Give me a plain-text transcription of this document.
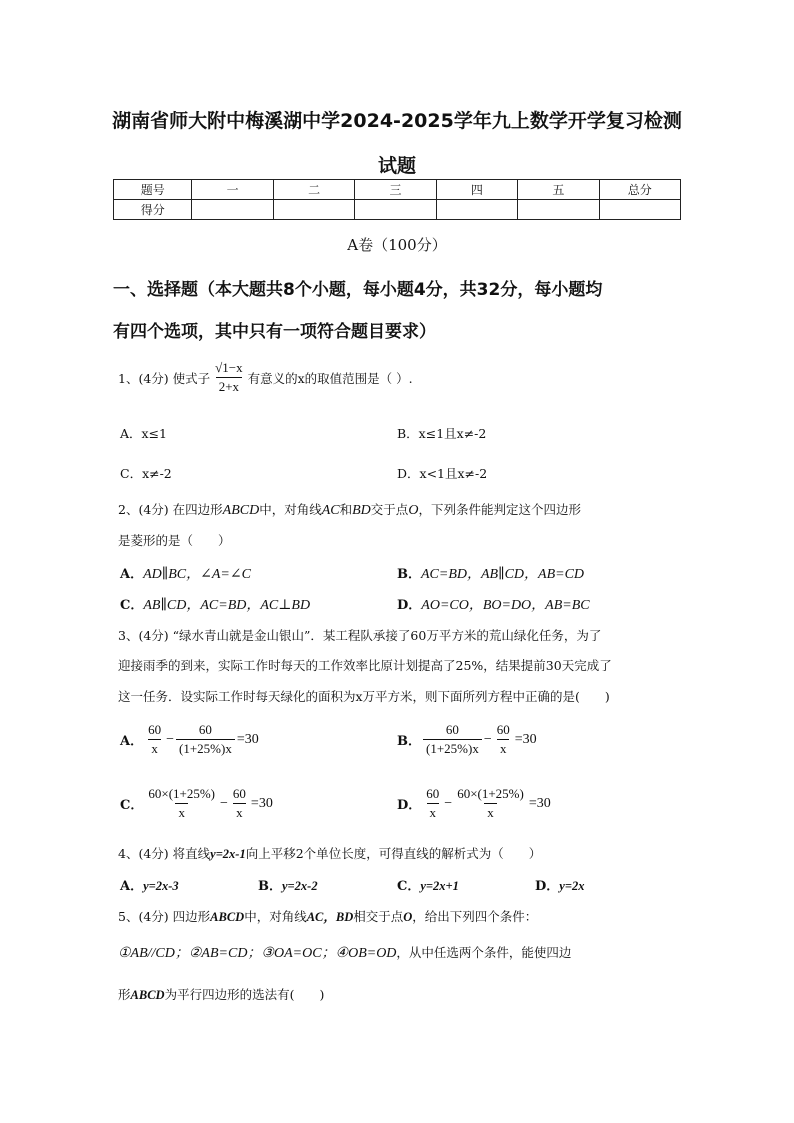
湖南省师大附中梅溪湖中学2024-2025学年九上数学开学复习检测
试题
题号	一	二	三	四	五	总分
得分						
A卷（100分）
一、选择题（本大题共8个小题，每小题4分，共32分，每小题均
有四个选项，其中只有一项符合题目要求）
1、(4分) 使式子 $\frac{√1-x}{2+x}$ 有意义的x的取值范围是（ ）.
A．x≤1	B．x≤1且x≠-2
C．x≠-2	D．x<1且x≠-2
2、(4分) 在四边形ABCD中，对角线AC和BD交于点O，下列条件能判定这个四边形
是菱形的是（　　）
A．AD∥BC，∠A=∠C	B．AC=BD，AB∥CD，AB=CD
C．AB∥CD，AC=BD，AC⊥BD	D．AO=CO，BO=DO，AB=BC
3、(4分) “绿水青山就是金山银山”．某工程队承接了60万平方米的荒山绿化任务，为了
迎接雨季的到来，实际工作时每天的工作效率比原计划提高了25%，结果提前30天完成了
这一任务．设实际工作时每天绿化的面积为x万平方米，则下面所列方程中正确的是(　　)
A． $\frac{60}{x} - \frac{60}{(1+25\%)x} =30$	B． $\frac{60}{(1+25\%)x} - \frac{60}{x} =30$
C． $\frac{60\times(1+25\%)}{x} - \frac{60}{x} =30$	D． $\frac{60}{x} - \frac{60\times(1+25\%)}{x} =30$
4、(4分) 将直线y=2x-1向上平移2个单位长度，可得直线的解析式为（　　）
A．y=2x-3	B．y=2x-2	C．y=2x+1	D．y=2x
5、(4分) 四边形ABCD中，对角线AC，BD相交于点O，给出下列四个条件：
①AB//CD；②AB=CD；③OA=OC；④OB=OD，从中任选两个条件，能使四边
形ABCD为平行四边形的选法有(　　)
